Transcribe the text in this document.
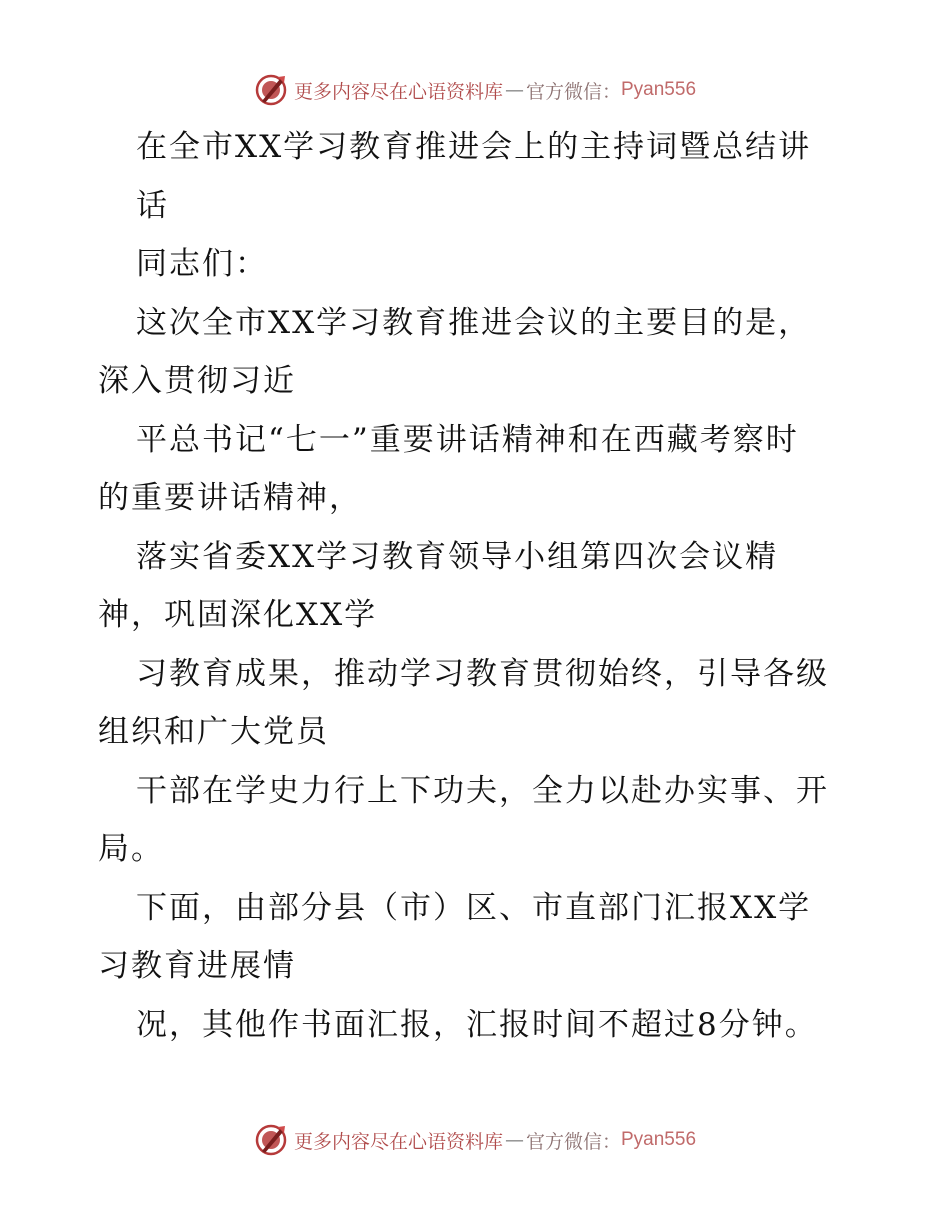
更多内容尽在心语资料库 — 官方微信： Pyan556
在全市XX学习教育推进会上的主持词暨总结讲
话
同志们：
这次全市XX学习教育推进会议的主要目的是，
深入贯彻习近
平总书记“七一”重要讲话精神和在西藏考察时
的重要讲话精神，
落实省委XX学习教育领导小组第四次会议精
神，巩固深化XX学
习教育成果，推动学习教育贯彻始终，引导各级
组织和广大党员
干部在学史力行上下功夫，全力以赴办实事、开
局。
下面，由部分县（市）区、市直部门汇报XX学
习教育进展情
况，其他作书面汇报，汇报时间不超过8分钟。
更多内容尽在心语资料库 — 官方微信： Pyan556
